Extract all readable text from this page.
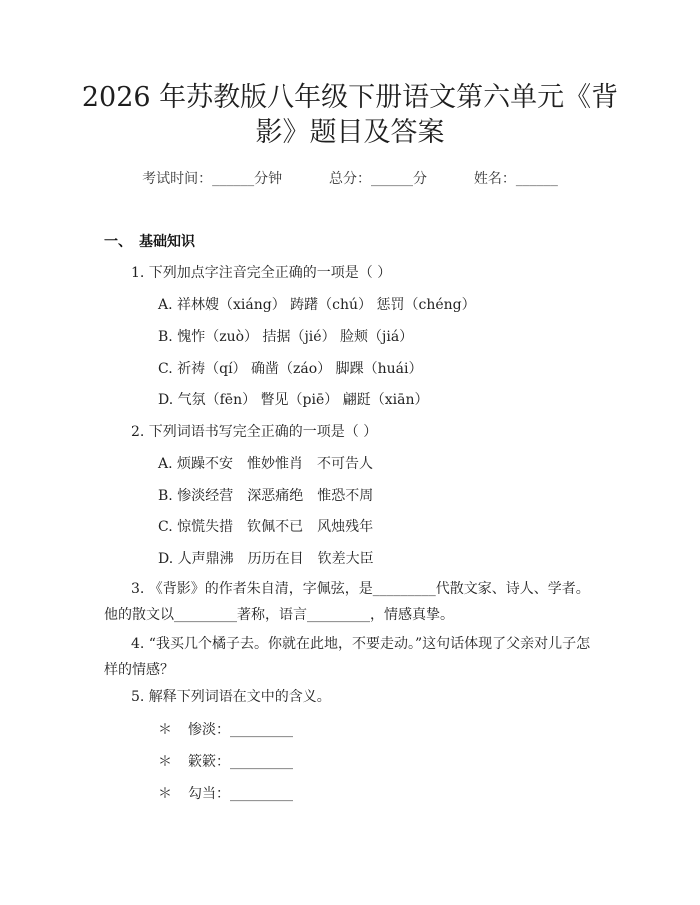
2026 年苏教版八年级下册语文第六单元《背
影》题目及答案
考试时间：______分钟	总分：______分	姓名：______
一、　基础知识
1. 下列加点字注音完全正确的一项是（ ）
A. 祥林嫂（xiáng） 踌躇（chú） 惩罚（chéng）
B. 愧怍（zuò） 拮据（jié） 脸颊（jiá）
C. 祈祷（qí） 确凿（záo） 脚踝（huái）
D. 气氛（fēn） 瞥见（piē） 翩跹（xiān）
2. 下列词语书写完全正确的一项是（ ）
A. 烦躁不安　惟妙惟肖　不可告人
B. 惨淡经营　深恶痛绝　惟恐不周
C. 惊慌失措　钦佩不已　风烛残年
D. 人声鼎沸　历历在目　钦差大臣
3. 《背影》的作者朱自清，字佩弦，是_________代散文家、诗人、学者。他的散文以_________著称，语言_________，情感真挚。
4. “我买几个橘子去。你就在此地，不要走动。”这句话体现了父亲对儿子怎样的情感？
5. 解释下列词语在文中的含义。
＊ 惨淡：_________
＊ 簌簌：_________
＊ 勾当：_________
